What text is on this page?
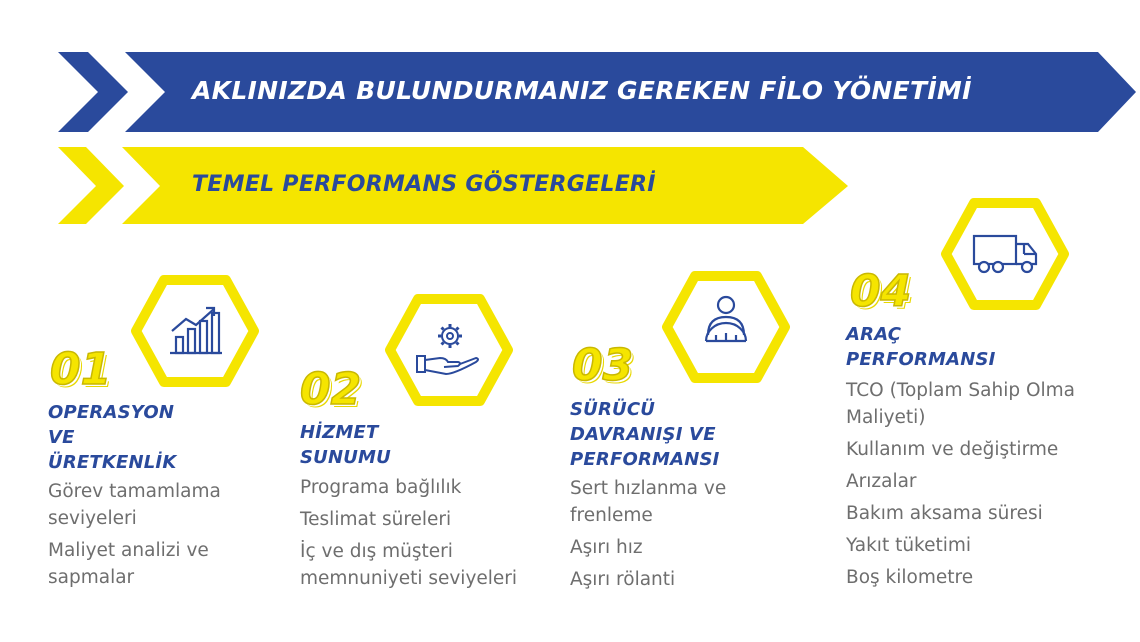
AKLINIZDA BULUNDURMANIZ GEREKEN FİLO YÖNETİMİ
TEMEL PERFORMANS GÖSTERGELERİ
01
OPERASYON
VE
ÜRETKENLİK
Görev tamamlama
seviyeleri
Maliyet analizi ve
sapmalar
02
HİZMET
SUNUMU
Programa bağlılık
Teslimat süreleri
İç ve dış müşteri
memnuniyeti seviyeleri
03
SÜRÜCÜ
DAVRANIŞI VE
PERFORMANSI
Sert hızlanma ve
frenleme
Aşırı hız
Aşırı rölanti
04
ARAÇ
PERFORMANSI
TCO (Toplam Sahip Olma
Maliyeti)
Kullanım ve değiştirme
Arızalar
Bakım aksama süresi
Yakıt tüketimi
Boş kilometre
